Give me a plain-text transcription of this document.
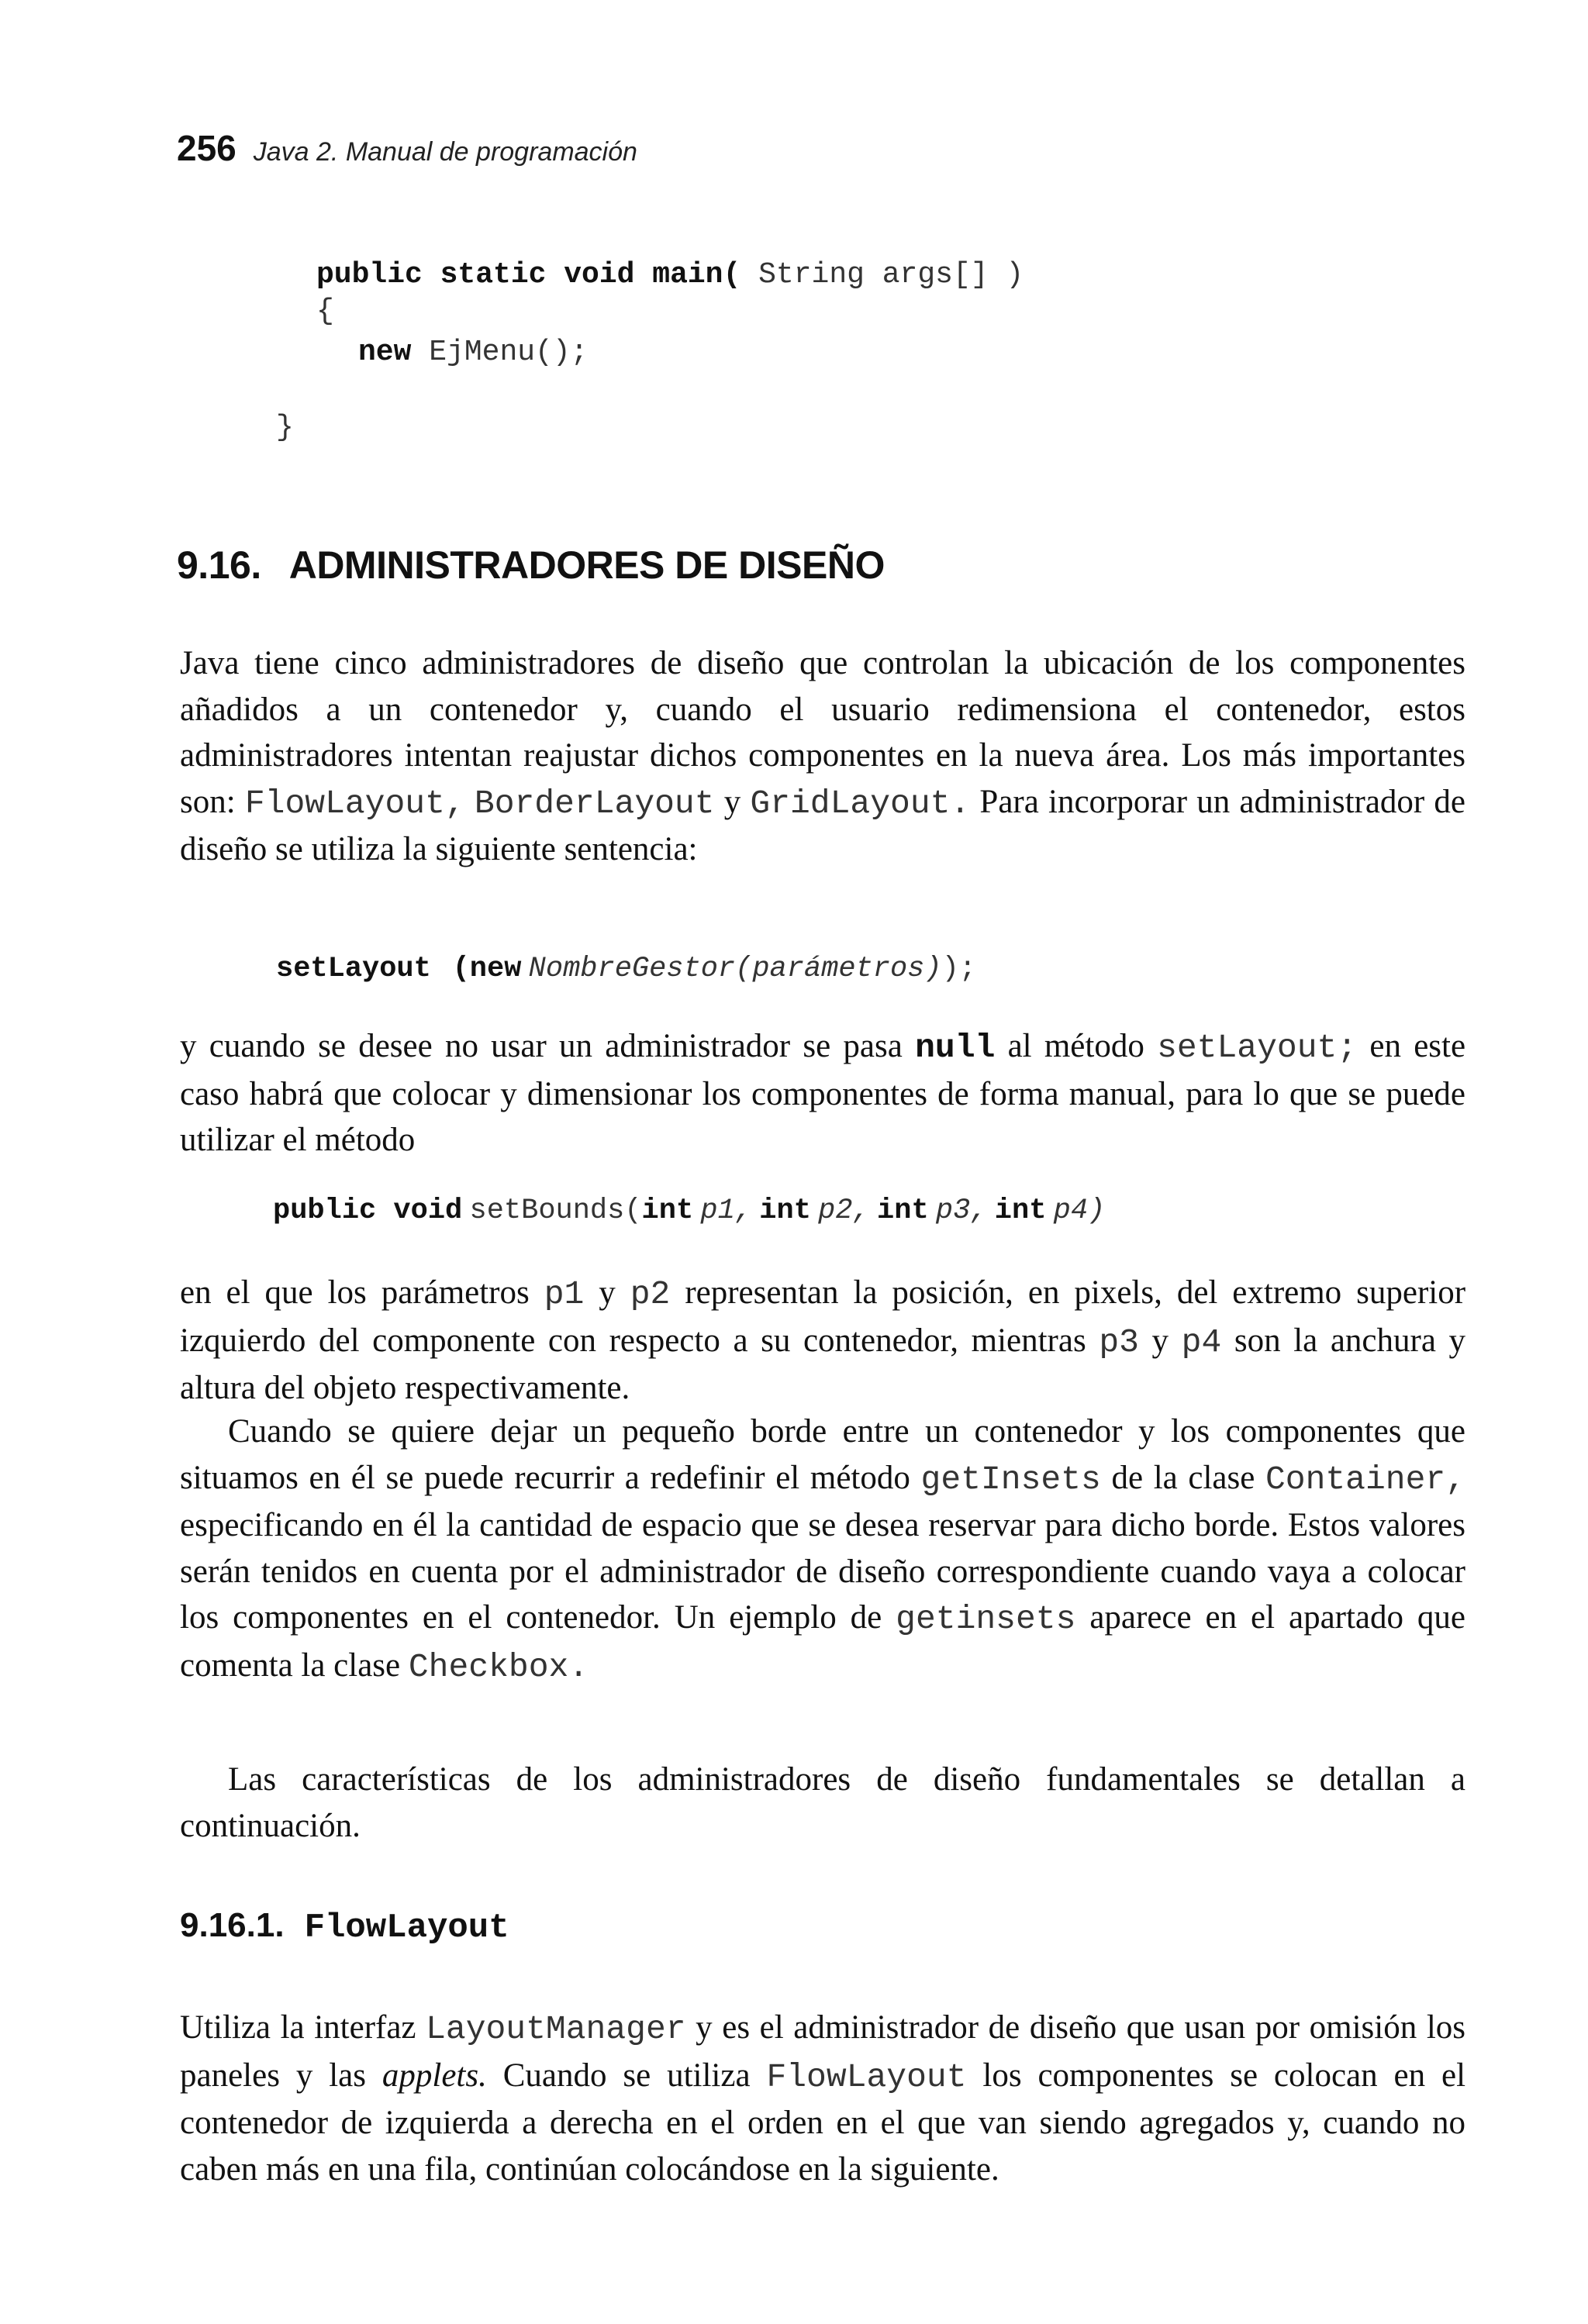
256 Java 2. Manual de programación
public static void main( String args[] )
{
new EjMenu();
}
9.16. ADMINISTRADORES DE DISEÑO
Java tiene cinco administradores de diseño que controlan la ubicación de los componentes añadidos a un contenedor y, cuando el usuario redimensiona el contenedor, estos administradores intentan reajustar dichos componentes en la nueva área. Los más importantes son: FlowLayout, BorderLayout y GridLayout. Para incorporar un administrador de diseño se utiliza la siguiente sentencia:
setLayout (new NombreGestor(parámetros));
y cuando se desee no usar un administrador se pasa null al método setLayout; en este caso habrá que colocar y dimensionar los componentes de forma manual, para lo que se puede utilizar el método
public void setBounds(int p1, int p2, int p3, int p4)
en el que los parámetros p1 y p2 representan la posición, en pixels, del extremo superior izquierdo del componente con respecto a su contenedor, mientras p3 y p4 son la anchura y altura del objeto respectivamente.
Cuando se quiere dejar un pequeño borde entre un contenedor y los componentes que situamos en él se puede recurrir a redefinir el método getInsets de la clase Container, especificando en él la cantidad de espacio que se desea reservar para dicho borde. Estos valores serán tenidos en cuenta por el administrador de diseño correspondiente cuando vaya a colocar los componentes en el contenedor. Un ejemplo de getinsets aparece en el apartado que comenta la clase Checkbox.
Las características de los administradores de diseño fundamentales se detallan a continuación.
9.16.1. FlowLayout
Utiliza la interfaz LayoutManager y es el administrador de diseño que usan por omisión los paneles y las applets. Cuando se utiliza FlowLayout los componentes se colocan en el contenedor de izquierda a derecha en el orden en el que van siendo agregados y, cuando no caben más en una fila, continúan colocándose en la siguiente.
